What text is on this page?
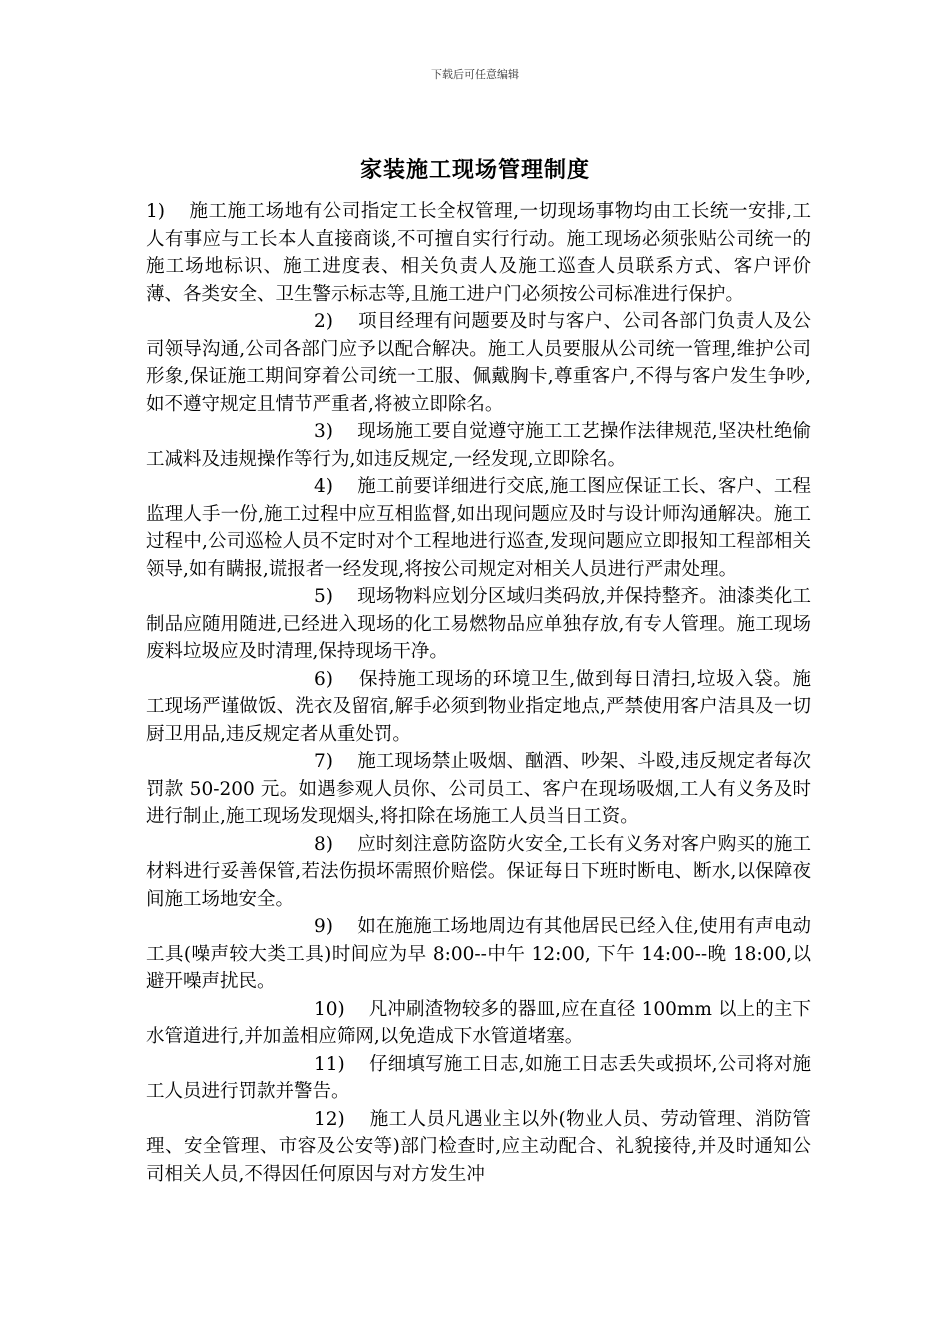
下载后可任意编辑
家装施工现场管理制度

1) 施工施工场地有公司指定工长全权管理,一切现场事物均由工长统一安排,工人有事应与工长本人直接商谈,不可擅自实行行动。施工现场必须张贴公司统一的施工场地标识、施工进度表、相关负责人及施工巡查人员联系方式、客户评价薄、各类安全、卫生警示标志等,且施工进户门必须按公司标准进行保护。

2) 项目经理有问题要及时与客户、公司各部门负责人及公司领导沟通,公司各部门应予以配合解决。施工人员要服从公司统一管理,维护公司形象,保证施工期间穿着公司统一工服、佩戴胸卡,尊重客户,不得与客户发生争吵,如不遵守规定且情节严重者,将被立即除名。

3) 现场施工要自觉遵守施工工艺操作法律规范,坚决杜绝偷工减料及违规操作等行为,如违反规定,一经发现,立即除名。

4) 施工前要详细进行交底,施工图应保证工长、客户、工程监理人手一份,施工过程中应互相监督,如出现问题应及时与设计师沟通解决。施工过程中,公司巡检人员不定时对个工程地进行巡查,发现问题应立即报知工程部相关领导,如有瞒报,谎报者一经发现,将按公司规定对相关人员进行严肃处理。

5) 现场物料应划分区域归类码放,并保持整齐。油漆类化工制品应随用随进,已经进入现场的化工易燃物品应单独存放,有专人管理。施工现场废料垃圾应及时清理,保持现场干净。

6) 保持施工现场的环境卫生,做到每日清扫,垃圾入袋。施工现场严谨做饭、洗衣及留宿,解手必须到物业指定地点,严禁使用客户洁具及一切厨卫用品,违反规定者从重处罚。

7) 施工现场禁止吸烟、酗酒、吵架、斗殴,违反规定者每次罚款 50-200 元。如遇参观人员你、公司员工、客户在现场吸烟,工人有义务及时进行制止,施工现场发现烟头,将扣除在场施工人员当日工资。

8) 应时刻注意防盗防火安全,工长有义务对客户购买的施工材料进行妥善保管,若法伤损坏需照价赔偿。保证每日下班时断电、断水,以保障夜间施工场地安全。

9) 如在施施工场地周边有其他居民已经入住,使用有声电动工具(噪声较大类工具)时间应为早 8:00--中午 12:00, 下午 14:00--晚 18:00,以避开噪声扰民。

10) 凡冲刷渣物较多的器皿,应在直径 100mm 以上的主下水管道进行,并加盖相应筛网,以免造成下水管道堵塞。

11) 仔细填写施工日志,如施工日志丢失或损坏,公司将对施工人员进行罚款并警告。

12) 施工人员凡遇业主以外(物业人员、劳动管理、消防管理、安全管理、市容及公安等)部门检查时,应主动配合、礼貌接待,并及时通知公司相关人员,不得因任何原因与对方发生冲
